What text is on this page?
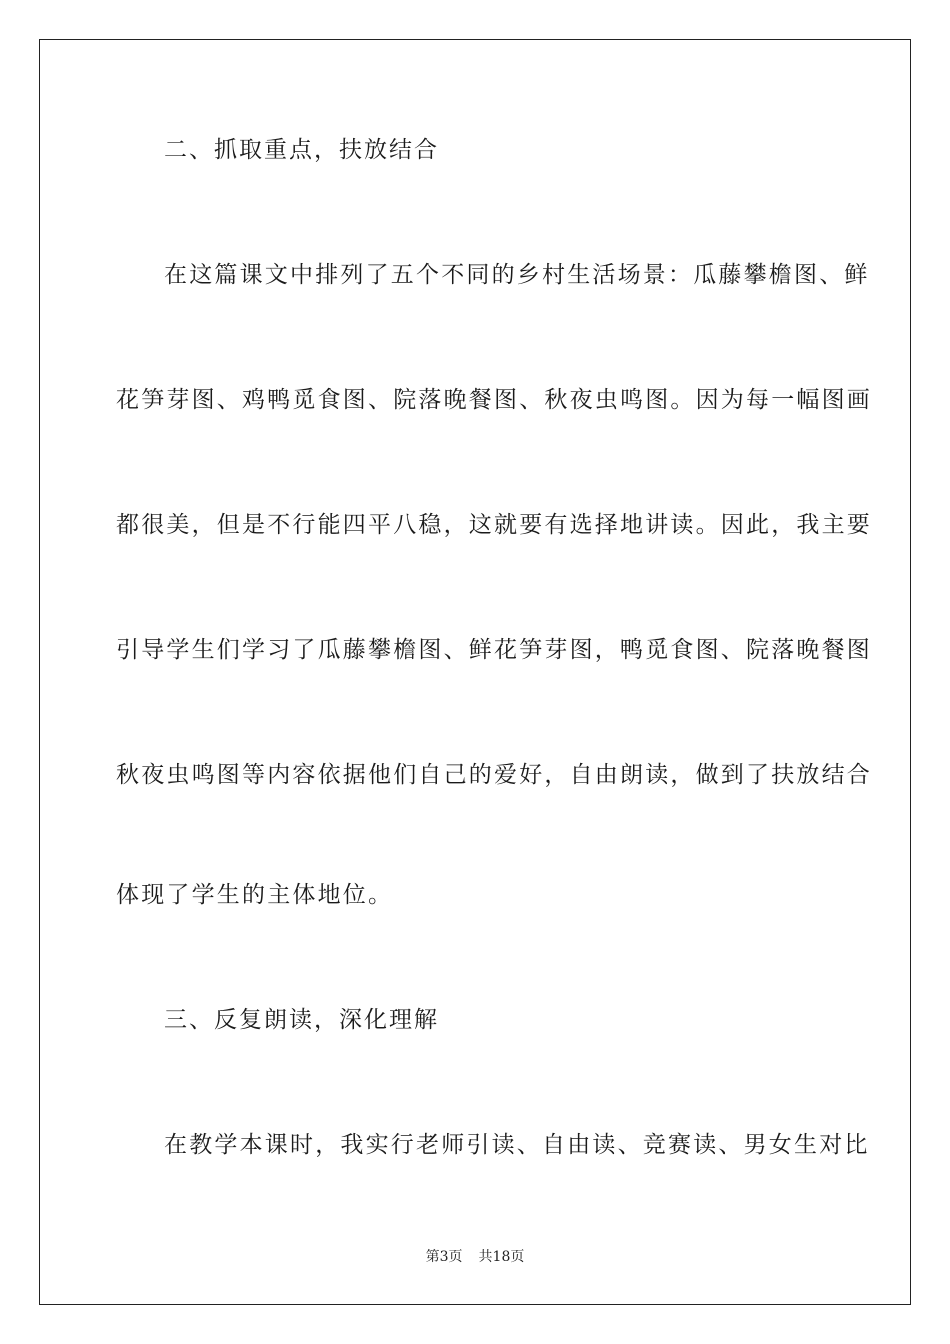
二、抓取重点，扶放结合
在这篇课文中排列了五个不同的乡村生活场景：瓜藤攀檐图、鲜
花笋芽图、鸡鸭觅食图、院落晚餐图、秋夜虫鸣图。因为每一幅图画
都很美，但是不行能四平八稳，这就要有选择地讲读。因此，我主要
引导学生们学习了瓜藤攀檐图、鲜花笋芽图，鸭觅食图、院落晚餐图
秋夜虫鸣图等内容依据他们自己的爱好，自由朗读，做到了扶放结合
体现了学生的主体地位。
三、反复朗读，深化理解
在教学本课时，我实行老师引读、自由读、竞赛读、男女生对比
第3页 共18页
